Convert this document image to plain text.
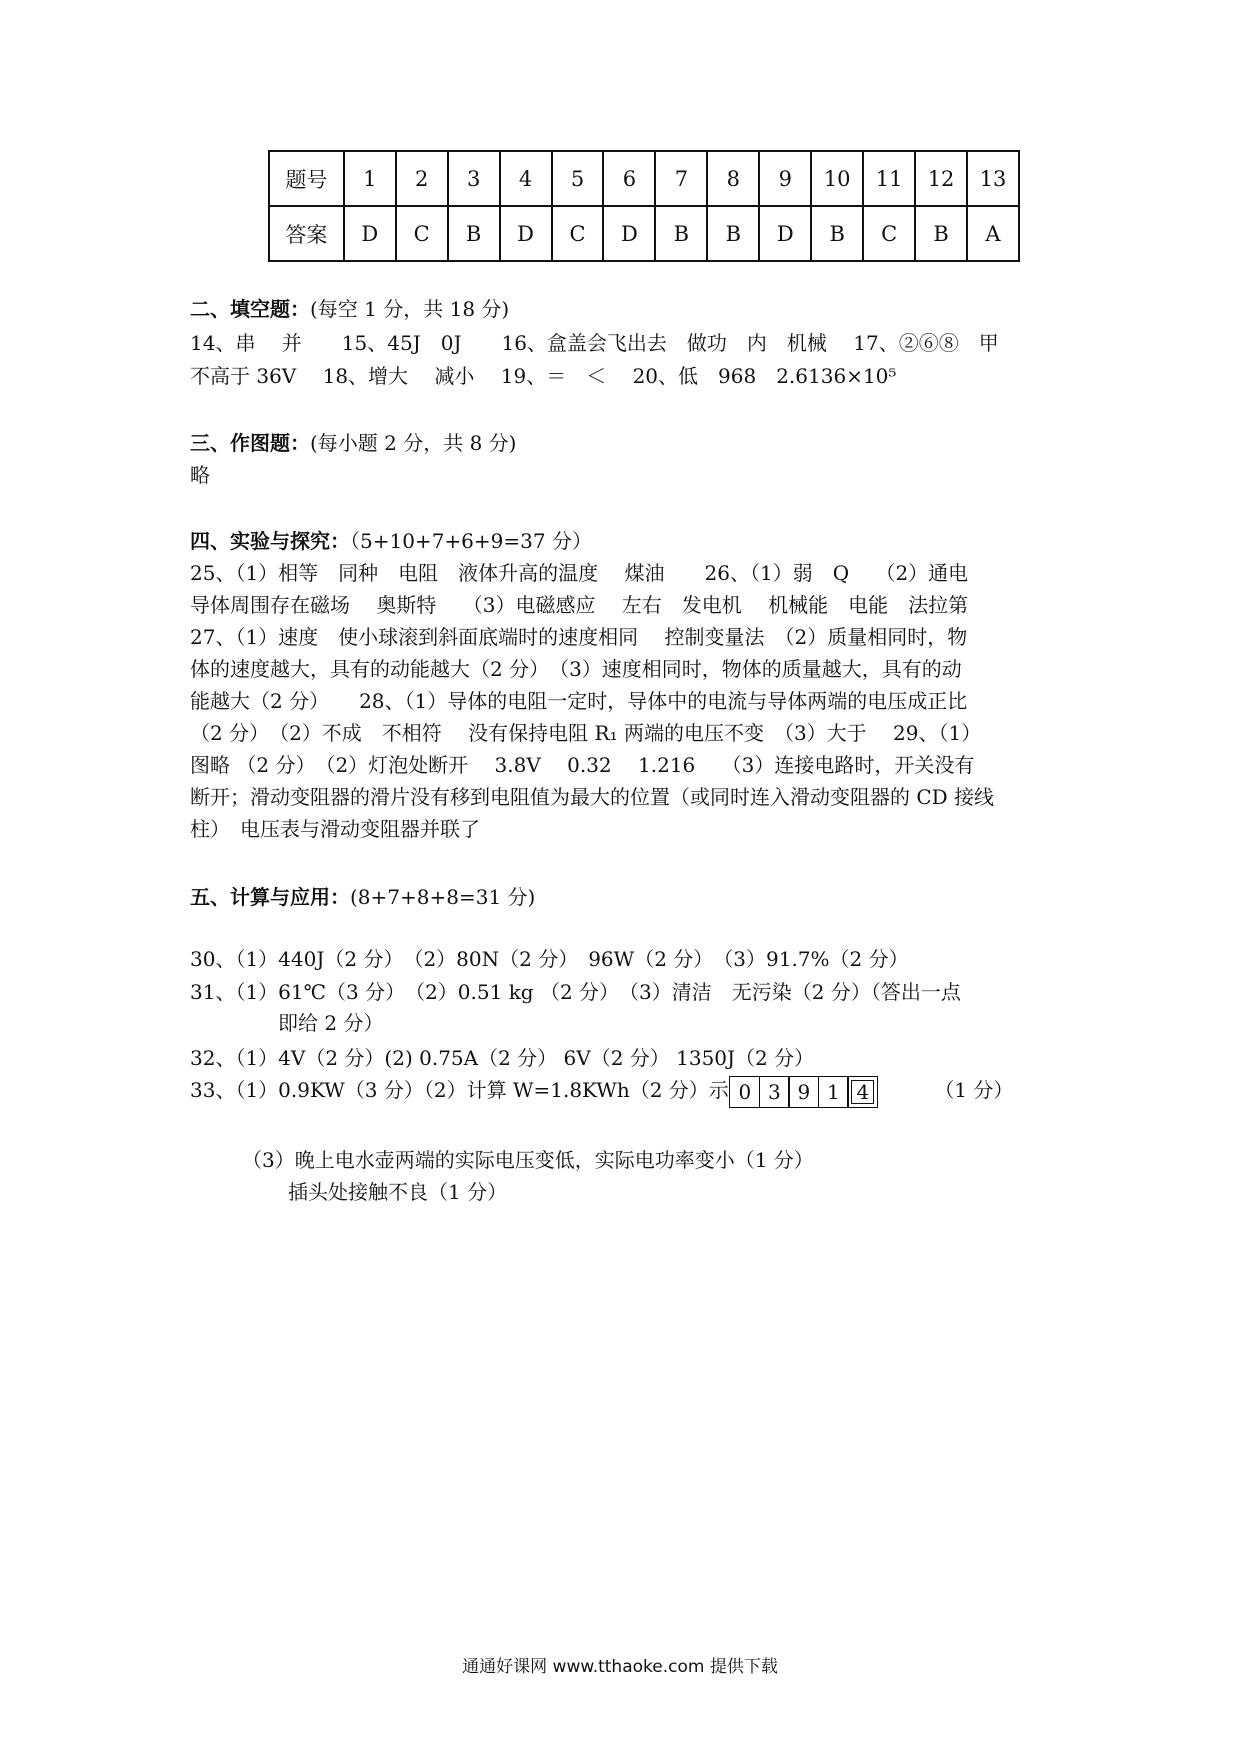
题号	1	2	3	4	5	6	7	8	9	10	11	12	13
答案	D	C	B	D	C	D	B	B	D	B	C	B	A
二、填空题：(每空 1 分，共 18 分)
14、串　 并　　15、45J　0J　　16、盒盖会飞出去　做功　内　机械　 17、②⑥⑧　甲
不高于 36V　 18、增大　 减小　 19、＝　＜　 20、低　968　2.6136×10⁵
三、作图题：(每小题 2 分，共 8 分)
略
四、实验与探究：（5+10+7+6+9=37 分）
25、（1）相等　同种　电阻　液体升高的温度　 煤油　　26、（1）弱　Q　 （2）通电
导体周围存在磁场　 奥斯特　 （3）电磁感应　 左右　发电机　 机械能　电能　法拉第
27、（1）速度　使小球滚到斜面底端时的速度相同　 控制变量法　（2）质量相同时，物
体的速度越大，具有的动能越大（2 分）　（3）速度相同时，物体的质量越大，具有的动
能越大（2 分）　　28、（1）导体的电阻一定时，导体中的电流与导体两端的电压成正比
（2 分）　（2）不成　不相符　 没有保持电阻 R₁ 两端的电压不变　（3）大于　 29、（1）
图略 （2 分）　（2）灯泡处断开　 3.8V　 0.32　 1.216　 （3）连接电路时，开关没有
断开；滑动变阻器的滑片没有移到电阻值为最大的位置（或同时连入滑动变阻器的 CD 接线
柱）　电压表与滑动变阻器并联了
五、计算与应用：(8+7+8+8=31 分)
30、（1）440J（2 分）　（2）80N（2 分）　96W（2 分）　（3）91.7%（2 分）
31、（1）61℃（3 分）　（2）0.51 kg （2 分）　（3）清洁　无污染（2 分）（答出一点
即给 2 分）
32、（1）4V（2 分）(2) 0.75A（2 分） 6V（2 分） 1350J（2 分）
33、（1）0.9KW（3 分）（2）计算 W=1.8KWh（2 分）示 0 3 9 1 4	（1 分）
（3）晚上电水壶两端的实际电压变低，实际电功率变小（1 分）
插头处接触不良（1 分）
通通好课网 www.tthaoke.com 提供下载
